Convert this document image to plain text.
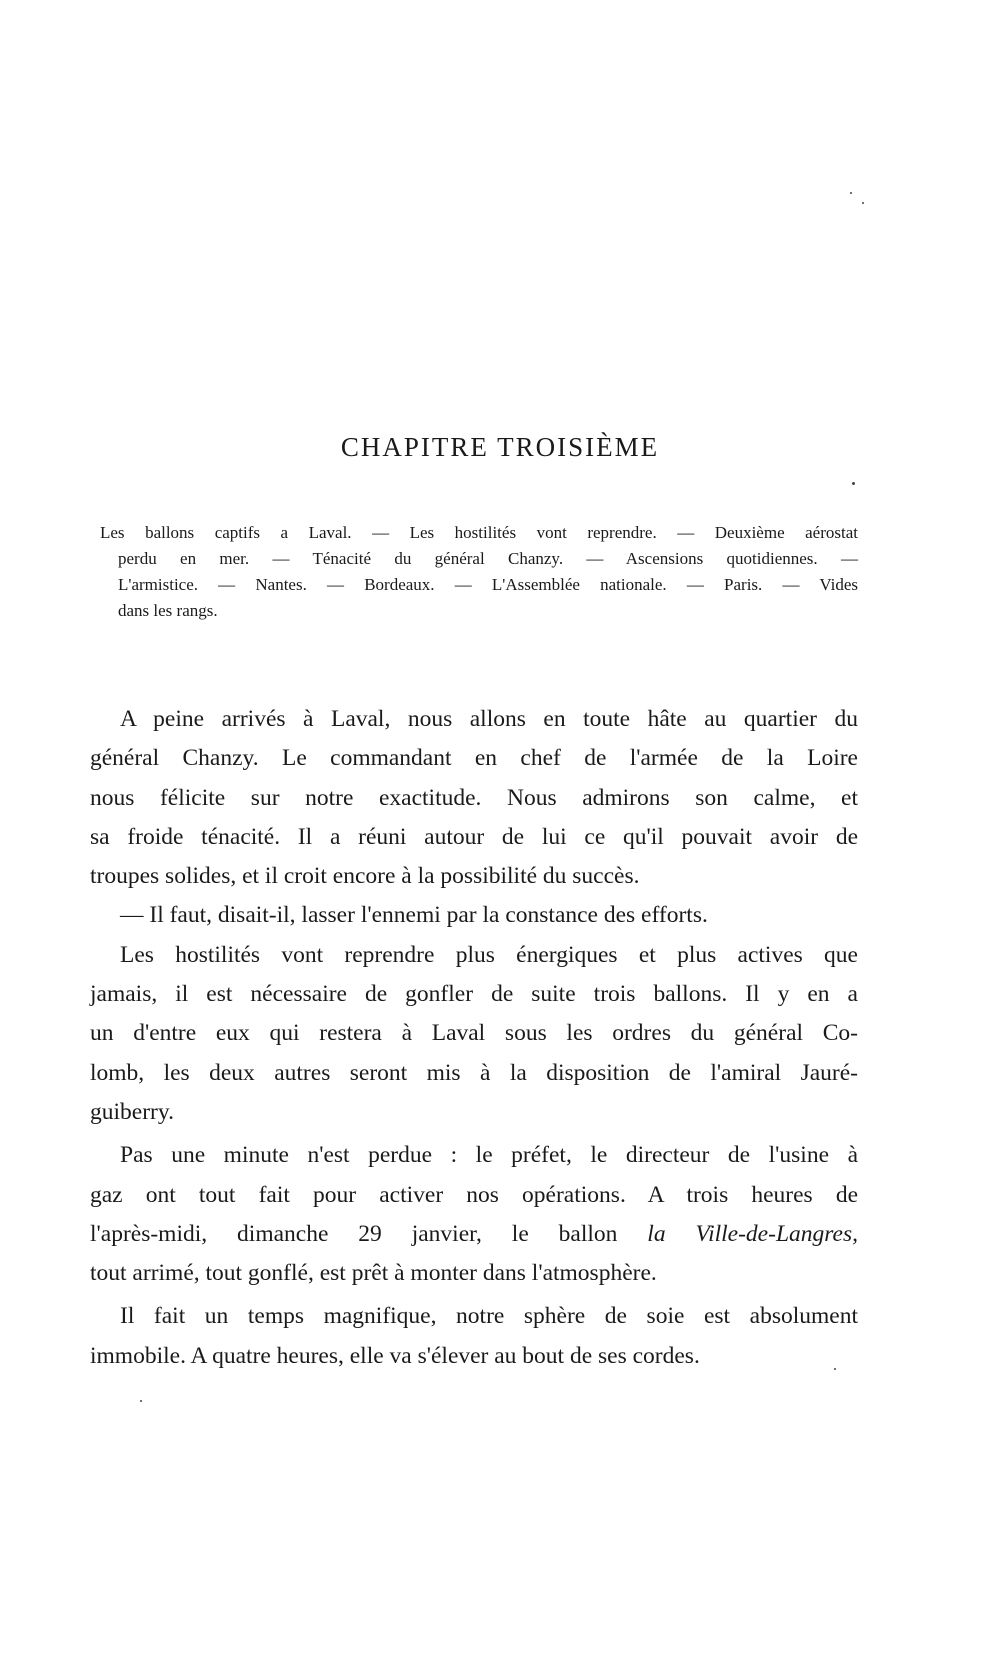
CHAPITRE TROISIÈME
Les ballons captifs a Laval. — Les hostilités vont reprendre. — Deuxième aérostat
perdu en mer. — Ténacité du général Chanzy. — Ascensions quotidiennes. —
L'armistice. — Nantes. — Bordeaux. — L'Assemblée nationale. — Paris. — Vides
dans les rangs.
A peine arrivés à Laval, nous allons en toute hâte au quartier du
général Chanzy. Le commandant en chef de l'armée de la Loire
nous félicite sur notre exactitude. Nous admirons son calme, et
sa froide ténacité. Il a réuni autour de lui ce qu'il pouvait avoir de
troupes solides, et il croit encore à la possibilité du succès.
— Il faut, disait-il, lasser l'ennemi par la constance des efforts.
Les hostilités vont reprendre plus énergiques et plus actives que
jamais, il est nécessaire de gonfler de suite trois ballons. Il y en a
un d'entre eux qui restera à Laval sous les ordres du général Co-
lomb, les deux autres seront mis à la disposition de l'amiral Jauré-
guiberry.
Pas une minute n'est perdue : le préfet, le directeur de l'usine à
gaz ont tout fait pour activer nos opérations. A trois heures de
l'après-midi, dimanche 29 janvier, le ballon la Ville-de-Langres,
tout arrimé, tout gonflé, est prêt à monter dans l'atmosphère.
Il fait un temps magnifique, notre sphère de soie est absolument
immobile. A quatre heures, elle va s'élever au bout de ses cordes.
